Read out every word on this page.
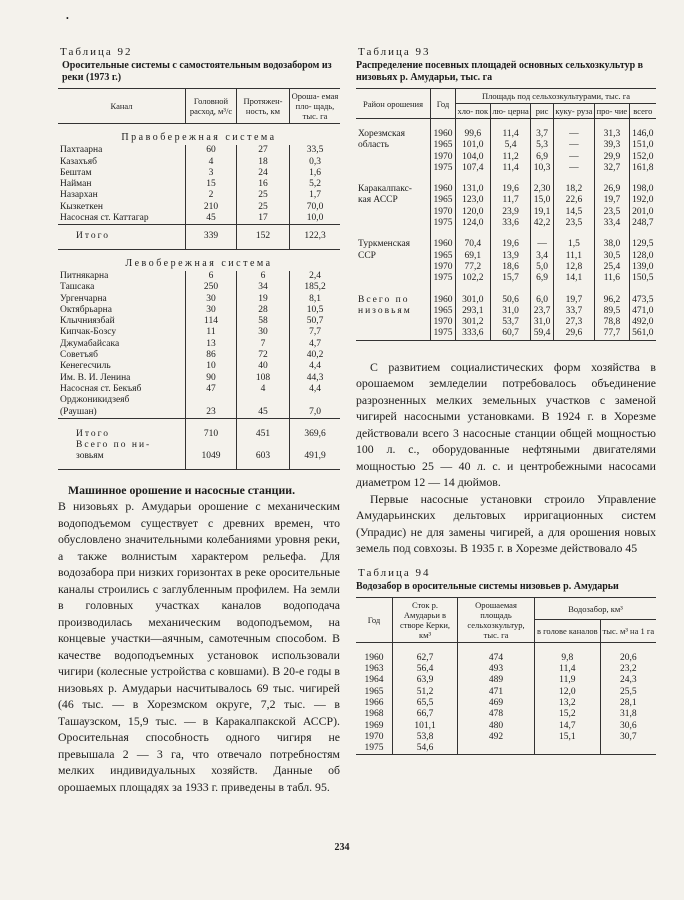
•
Таблица 92
Оросительные системы с самостоятельным водозабором из реки (1973 г.)
Канал	Головной расход, м³/с	Протяжен- ность, км	Ороша- емая пло- щадь, тыс. га
Правобережная система			
Пахтаарна	60	27	33,5
Казахъяб	4	18	0,3
Бештам	3	24	1,6
Найман	15	16	5,2
Назархан	2	25	1,7
Кызкеткен	210	25	70,0
Насосная ст. Каттагар	45	17	10,0
Итого	339	152	122,3
Левобережная система			
Питнякарна	6	6	2,4
Ташсака	250	34	185,2
Ургенчарна	30	19	8,1
Октябрьарна	30	28	10,5
Клычниязбай	114	58	50,7
Кипчак-Бозсу	11	30	7,7
Джумабайсака	13	7	4,7
Советъяб	86	72	40,2
Кенегесчиль	10	40	4,4
Им. В. И. Ленина	90	108	44,3
Насосная ст. Бекъяб	47	4	4,4
Орджоникидзеяб			
(Раушан)	23	45	7,0
Итого	710	451	369,6
Всего по ни-			
зовьям	1049	603	491,9

Машинное орошение и насосные станции.

В низовьях р. Амударьи орошение с механическим водоподъемом существует с древних времен, что обусловлено значительными колебаниями уровня реки, а также волнистым характером рельефа. Для водозабора при низких горизонтах в реке оросительные каналы строились с заглубленным профилем. На земли в головных участках каналов водоподача производилась механическим водоподъемом, на концевые участки—аячным, самотечным способом. В качестве водоподъемных установок использовали чигири (колесные устройства с ковшами). В 20-е годы в низовьях р. Амударьи насчитывалось 69 тыс. чигирей (46 тыс. — в Хорезмском округе, 7,2 тыс. — в Ташаузском, 15,9 тыс. — в Каракалпакской АССР). Оросительная способность одного чигиря не превышала 2 — 3 га, что отвечало потребностям мелких индивидуальных хозяйств. Данные об орошаемых площадях за 1933 г. приведены в табл. 95.

Таблица 93
Распределение посевных площадей основных сельхозкультур в низовьях р. Амударьи, тыс. га
Район орошения	Год	Площадь под сельхозкультурами, тыс. га					
		хло- пок	лю- церна	рис	куку- руза	про- чие	всего
Хорезмская	1960	99,6	11,4	3,7	—	31,3	146,0
область	1965	101,0	5,4	5,3	—	39,3	151,0
	1970	104,0	11,2	6,9	—	29,9	152,0
	1975	107,4	11,4	10,3	—	32,7	161,8
Каракалпакс-	1960	131,0	19,6	2,30	18,2	26,9	198,0
кая АССР	1965	123,0	11,7	15,0	22,6	19,7	192,0
	1970	120,0	23,9	19,1	14,5	23,5	201,0
	1975	124,0	33,6	42,2	23,5	33,4	248,7
Туркменская	1960	70,4	19,6	—	1,5	38,0	129,5
ССР	1965	69,1	13,9	3,4	11,1	30,5	128,0
	1970	77,2	18,6	5,0	12,8	25,4	139,0
	1975	102,2	15,7	6,9	14,1	11,6	150,5
Всего по	1960	301,0	50,6	6,0	19,7	96,2	473,5
низовьям	1965	293,1	31,0	23,7	33,7	89,5	471,0
	1970	301,2	53,7	31,0	27,3	78,8	492,0
	1975	333,6	60,7	59,4	29,6	77,7	561,0

С развитием социалистических форм хозяйства в орошаемом земледелии потребовалось объединение разрозненных мелких земельных участков с заменой чигирей насосными установками. В 1924 г. в Хорезме действовали всего 3 насосные станции общей мощностью 100 л. с., оборудованные нефтяными двигателями мощностью 25 — 40 л. с. и центробежными насосами диаметром 12 — 14 дюймов.

Первые насосные установки строило Управление Амударьинских дельтовых ирригационных систем (Упрадис) не для замены чигирей, а для орошения новых земель под совхозы. В 1935 г. в Хорезме действовало 45

Таблица 94
Водозабор в оросительные системы низовьев р. Амударьи
Год	Сток р. Амударьи в створе Керки, км³	Орошаемая площадь сельхозкультур, тыс. га	Водозабор, км³	
			в голове каналов	тыс. м³ на 1 га
1960	62,7	474	9,8	20,6
1963	56,4	493	11,4	23,2
1964	63,9	489	11,9	24,3
1965	51,2	471	12,0	25,5
1966	65,5	469	13,2	28,1
1968	66,7	478	15,2	31,8
1969	101,1	480	14,7	30,6
1970	53,8	492	15,1	30,7
1975	54,6			
234
